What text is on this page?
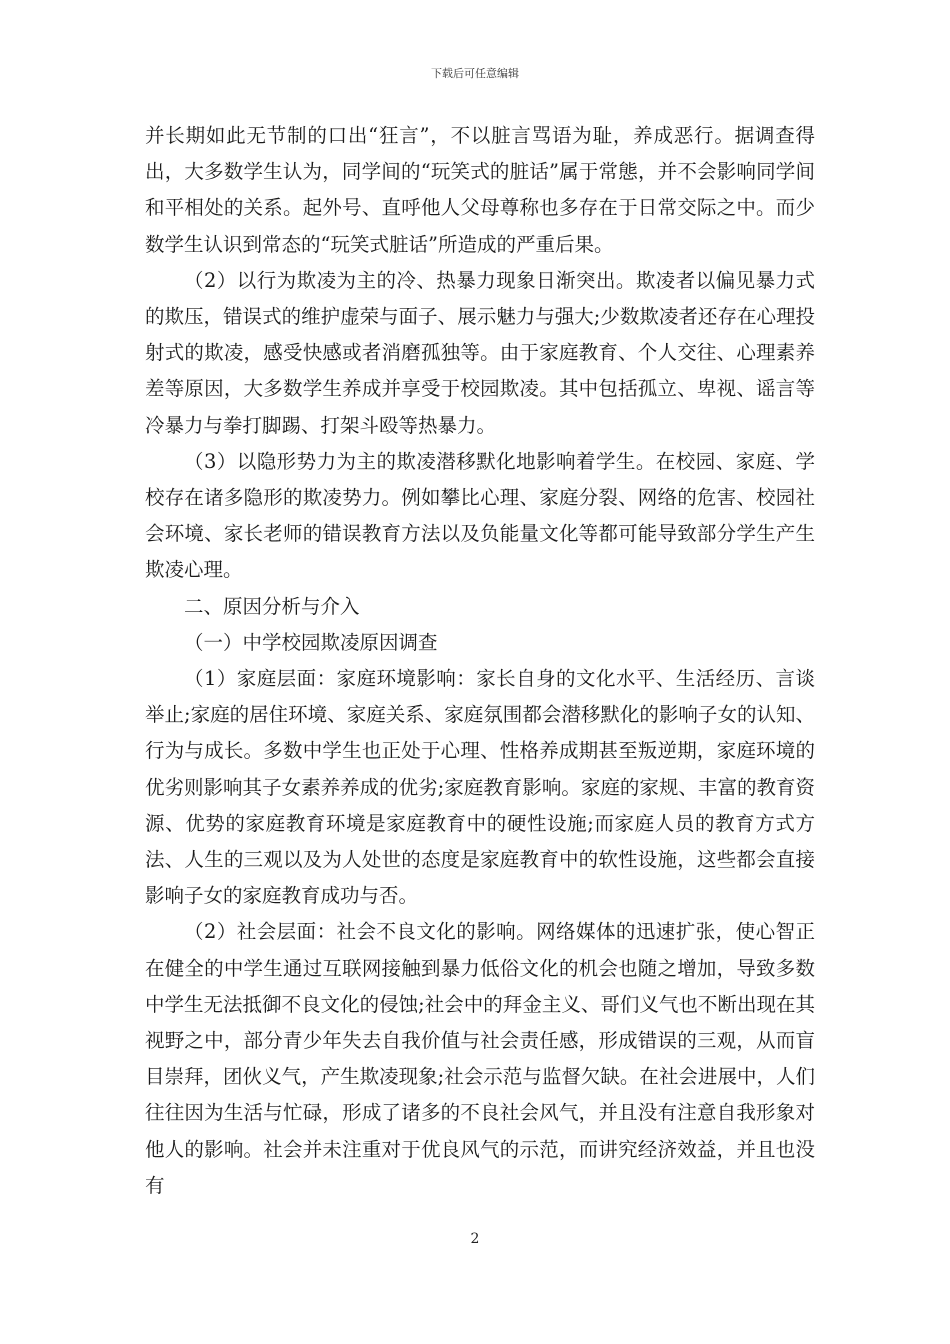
下载后可任意编辑

并长期如此无节制的口出“狂言”，不以脏言骂语为耻，养成恶行。据调查得出，大多数学生认为，同学间的“玩笑式的脏话”属于常態，并不会影响同学间和平相处的关系。起外号、直呼他人父母尊称也多存在于日常交际之中。而少数学生认识到常态的“玩笑式脏话”所造成的严重后果。

（2）以行为欺凌为主的冷、热暴力现象日渐突出。欺凌者以偏见暴力式的欺压，错误式的维护虚荣与面子、展示魅力与强大;少数欺凌者还存在心理投射式的欺凌，感受快感或者消磨孤独等。由于家庭教育、个人交往、心理素养差等原因，大多数学生养成并享受于校园欺凌。其中包括孤立、卑视、谣言等冷暴力与拳打脚踢、打架斗殴等热暴力。

（3）以隐形势力为主的欺凌潜移默化地影响着学生。在校园、家庭、学校存在诸多隐形的欺凌势力。例如攀比心理、家庭分裂、网络的危害、校园社会环境、家长老师的错误教育方法以及负能量文化等都可能导致部分学生产生欺凌心理。

二、原因分析与介入

（一）中学校园欺凌原因调查

（1）家庭层面：家庭环境影响：家长自身的文化水平、生活经历、言谈举止;家庭的居住环境、家庭关系、家庭氛围都会潜移默化的影响子女的认知、行为与成长。多数中学生也正处于心理、性格养成期甚至叛逆期，家庭环境的优劣则影响其子女素养养成的优劣;家庭教育影响。家庭的家规、丰富的教育资源、优势的家庭教育环境是家庭教育中的硬性设施;而家庭人员的教育方式方法、人生的三观以及为人处世的态度是家庭教育中的软性设施，这些都会直接影响子女的家庭教育成功与否。

（2）社会层面：社会不良文化的影响。网络媒体的迅速扩张，使心智正在健全的中学生通过互联网接触到暴力低俗文化的机会也随之增加，导致多数中学生无法抵御不良文化的侵蚀;社会中的拜金主义、哥们义气也不断出现在其视野之中，部分青少年失去自我价值与社会责任感，形成错误的三观，从而盲目崇拜，团伙义气，产生欺凌现象;社会示范与监督欠缺。在社会进展中，人们往往因为生活与忙碌，形成了诸多的不良社会风气，并且没有注意自我形象对他人的影响。社会并未注重对于优良风气的示范，而讲究经济效益，并且也没有

2
